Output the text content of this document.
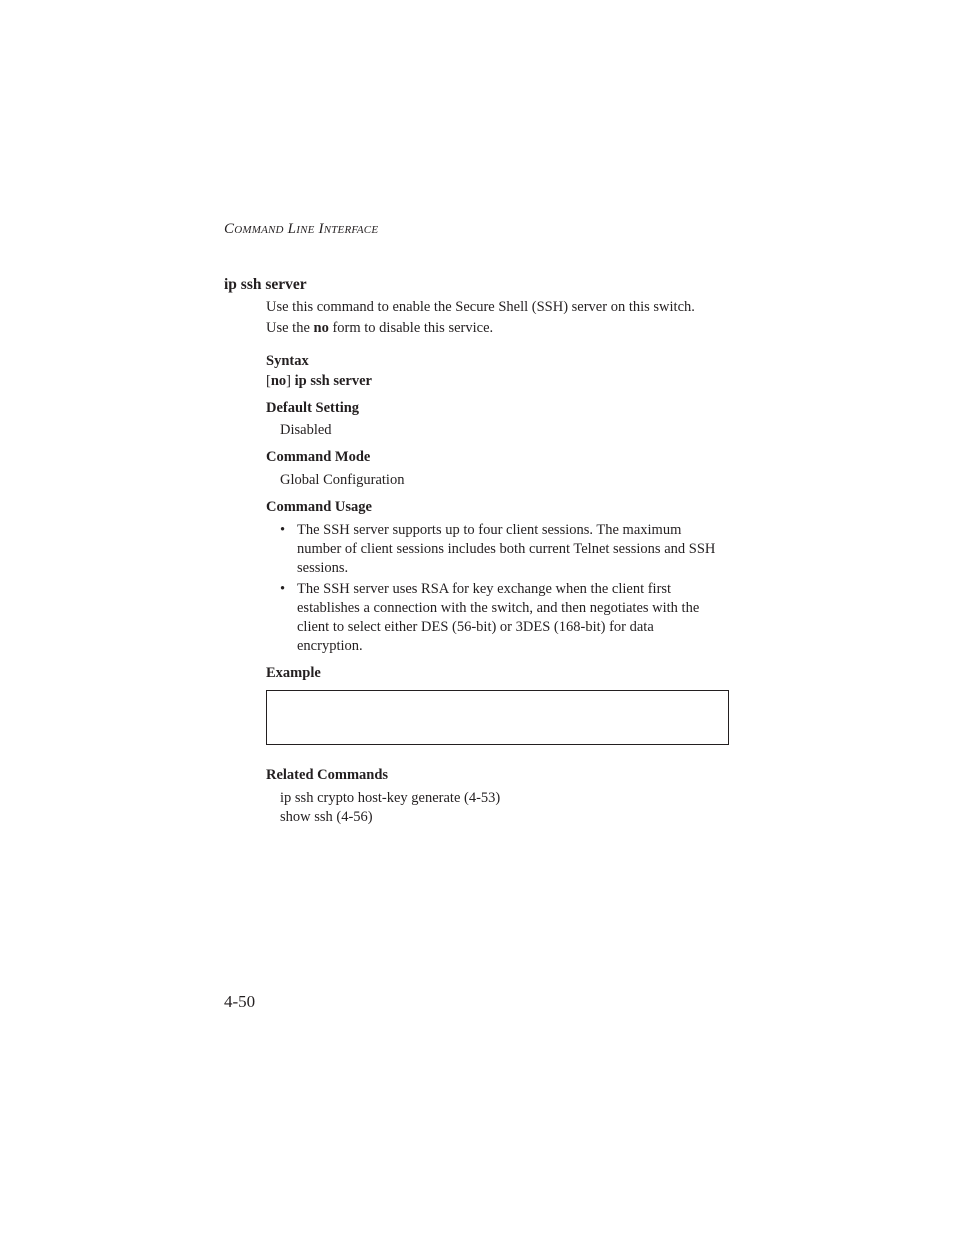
COMMAND LINE INTERFACE
ip ssh server
Use this command to enable the Secure Shell (SSH) server on this switch.
Use the no form to disable this service.
Syntax
[no] ip ssh server
Default Setting
Disabled
Command Mode
Global Configuration
Command Usage
• The SSH server supports up to four client sessions. The maximum number of client sessions includes both current Telnet sessions and SSH sessions.
• The SSH server uses RSA for key exchange when the client first establishes a connection with the switch, and then negotiates with the client to select either DES (56-bit) or 3DES (168-bit) for data encryption.
Example
Related Commands
ip ssh crypto host-key generate (4-53)
show ssh (4-56)
4-50
